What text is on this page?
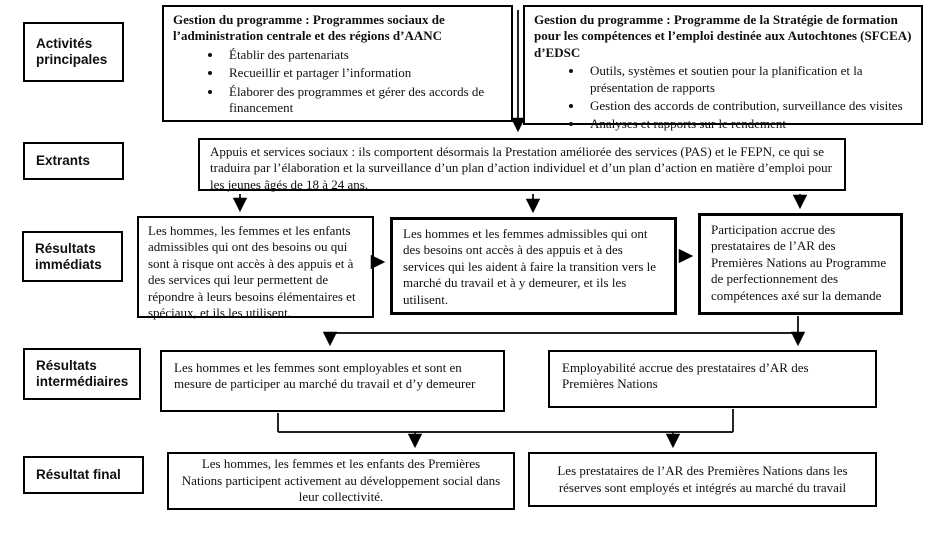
Activités principales
Extrants
Résultats immédiats
Résultats intermédiaires
Résultat final
Gestion du programme : Programmes sociaux de l’administration centrale et des régions d’AANC
• Établir des partenariats
• Recueillir et partager l’information
• Élaborer des programmes et gérer des accords de financement
Gestion du programme : Programme de la Stratégie de formation pour les compétences et l’emploi destinée aux Autochtones (SFCEA) d’EDSC
• Outils, systèmes et soutien pour la planification et la présentation de rapports
• Gestion des accords de contribution, surveillance des visites
• Analyses et rapports sur le rendement
Appuis et services sociaux : ils comportent désormais la Prestation améliorée des services (PAS) et le FEPN, ce qui se traduira par l’élaboration et la surveillance d’un plan d’action individuel et d’un plan d’action en matière d’emploi pour les jeunes âgés de 18 à 24 ans.
Les hommes, les femmes et les enfants admissibles qui ont des besoins ou qui sont à risque ont accès à des appuis et à des services qui leur permettent de répondre à leurs besoins élémentaires et spéciaux, et ils les utilisent.
Les hommes et les femmes admissibles qui ont des besoins ont accès à des appuis et à des services qui les aident à faire la transition vers le marché du travail et à y demeurer, et ils les utilisent.
Participation accrue des prestataires de l’AR des Premières Nations au Programme de perfectionnement des compétences axé sur la demande
Les hommes et les femmes sont employables et sont en mesure de participer au marché du travail et d’y demeurer
Employabilité accrue des prestataires d’AR des Premières Nations
Les hommes, les femmes et les enfants des Premières Nations participent activement au développement social dans leur collectivité.
Les prestataires de l’AR des Premières Nations dans les réserves sont employés et intégrés au marché du travail
